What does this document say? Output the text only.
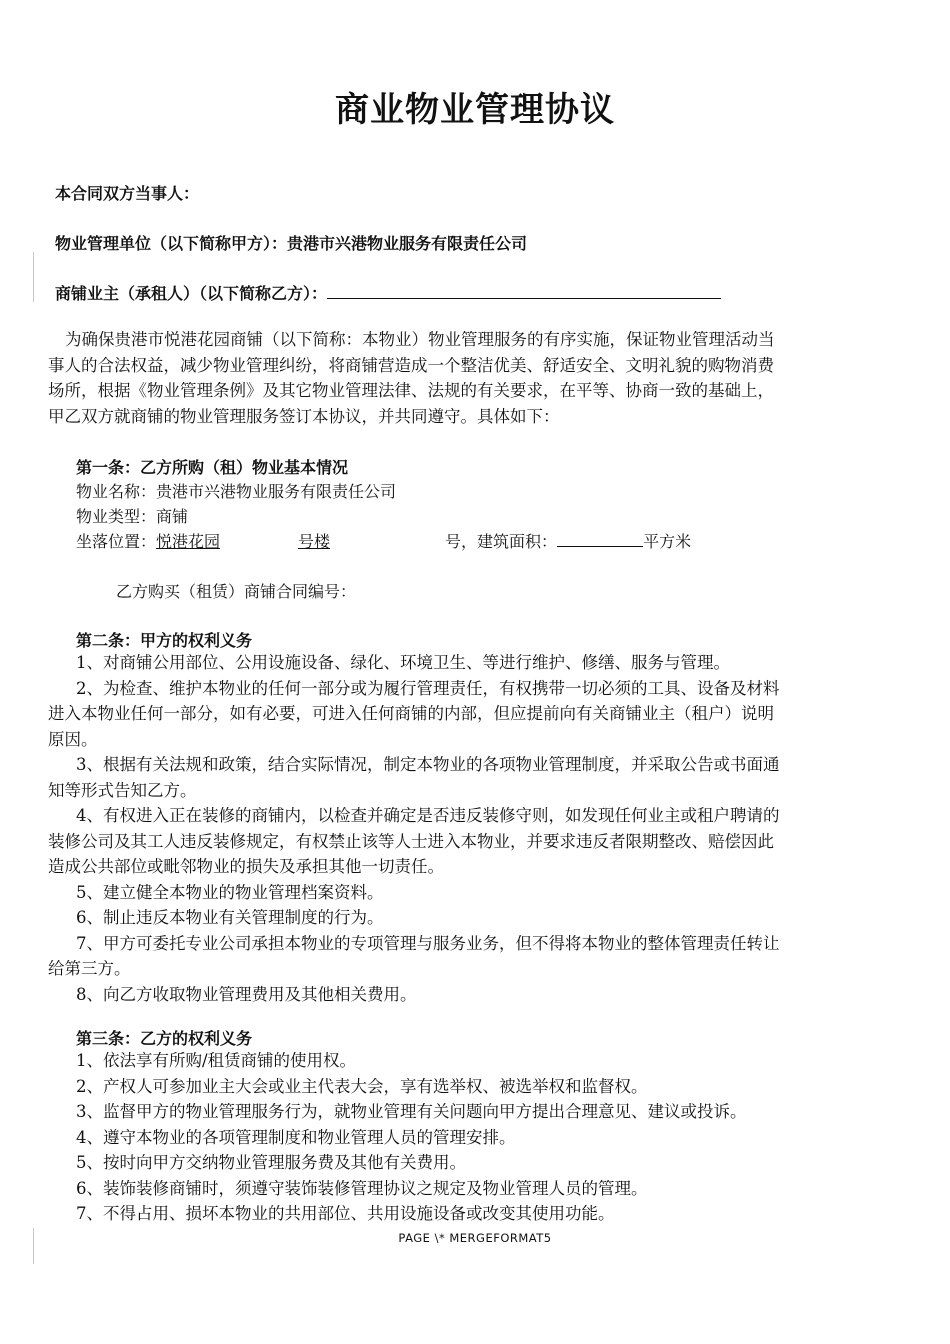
商业物业管理协议

本合同双方当事人：

物业管理单位（以下简称甲方）：贵港市兴港物业服务有限责任公司

商铺业主（承租人）（以下简称乙方）：

为确保贵港市悦港花园商铺（以下简称：本物业）物业管理服务的有序实施，保证物业管理活动当
事人的合法权益，减少物业管理纠纷，将商铺营造成一个整洁优美、舒适安全、文明礼貌的购物消费
场所，根据《物业管理条例》及其它物业管理法律、法规的有关要求，在平等、协商一致的基础上，
甲乙双方就商铺的物业管理服务签订本协议，并共同遵守。具体如下：

第一条：乙方所购（租）物业基本情况

物业名称：贵港市兴港物业服务有限责任公司

物业类型：商铺

坐落位置：悦港花园	号楼	号，建筑面积：	平方米

乙方购买（租赁）商铺合同编号：

第二条：甲方的权利义务

1、对商铺公用部位、公用设施设备、绿化、环境卫生、等进行维护、修缮、服务与管理。
2、为检查、维护本物业的任何一部分或为履行管理责任，有权携带一切必须的工具、设备及材料
进入本物业任何一部分，如有必要，可进入任何商铺的内部，但应提前向有关商铺业主（租户）说明
原因。
3、根据有关法规和政策，结合实际情况，制定本物业的各项物业管理制度，并采取公告或书面通
知等形式告知乙方。
4、有权进入正在装修的商铺内，以检查并确定是否违反装修守则，如发现任何业主或租户聘请的
装修公司及其工人违反装修规定，有权禁止该等人士进入本物业，并要求违反者限期整改、赔偿因此
造成公共部位或毗邻物业的损失及承担其他一切责任。
5、建立健全本物业的物业管理档案资料。
6、制止违反本物业有关管理制度的行为。
7、甲方可委托专业公司承担本物业的专项管理与服务业务，但不得将本物业的整体管理责任转让
给第三方。
8、向乙方收取物业管理费用及其他相关费用。

第三条：乙方的权利义务

1、依法享有所购/租赁商铺的使用权。
2、产权人可参加业主大会或业主代表大会，享有选举权、被选举权和监督权。
3、监督甲方的物业管理服务行为，就物业管理有关问题向甲方提出合理意见、建议或投诉。
4、遵守本物业的各项管理制度和物业管理人员的管理安排。
5、按时向甲方交纳物业管理服务费及其他有关费用。
6、装饰装修商铺时，须遵守装饰装修管理协议之规定及物业管理人员的管理。
7、不得占用、损坏本物业的共用部位、共用设施设备或改变其使用功能。
PAGE \* MERGEFORMAT5
